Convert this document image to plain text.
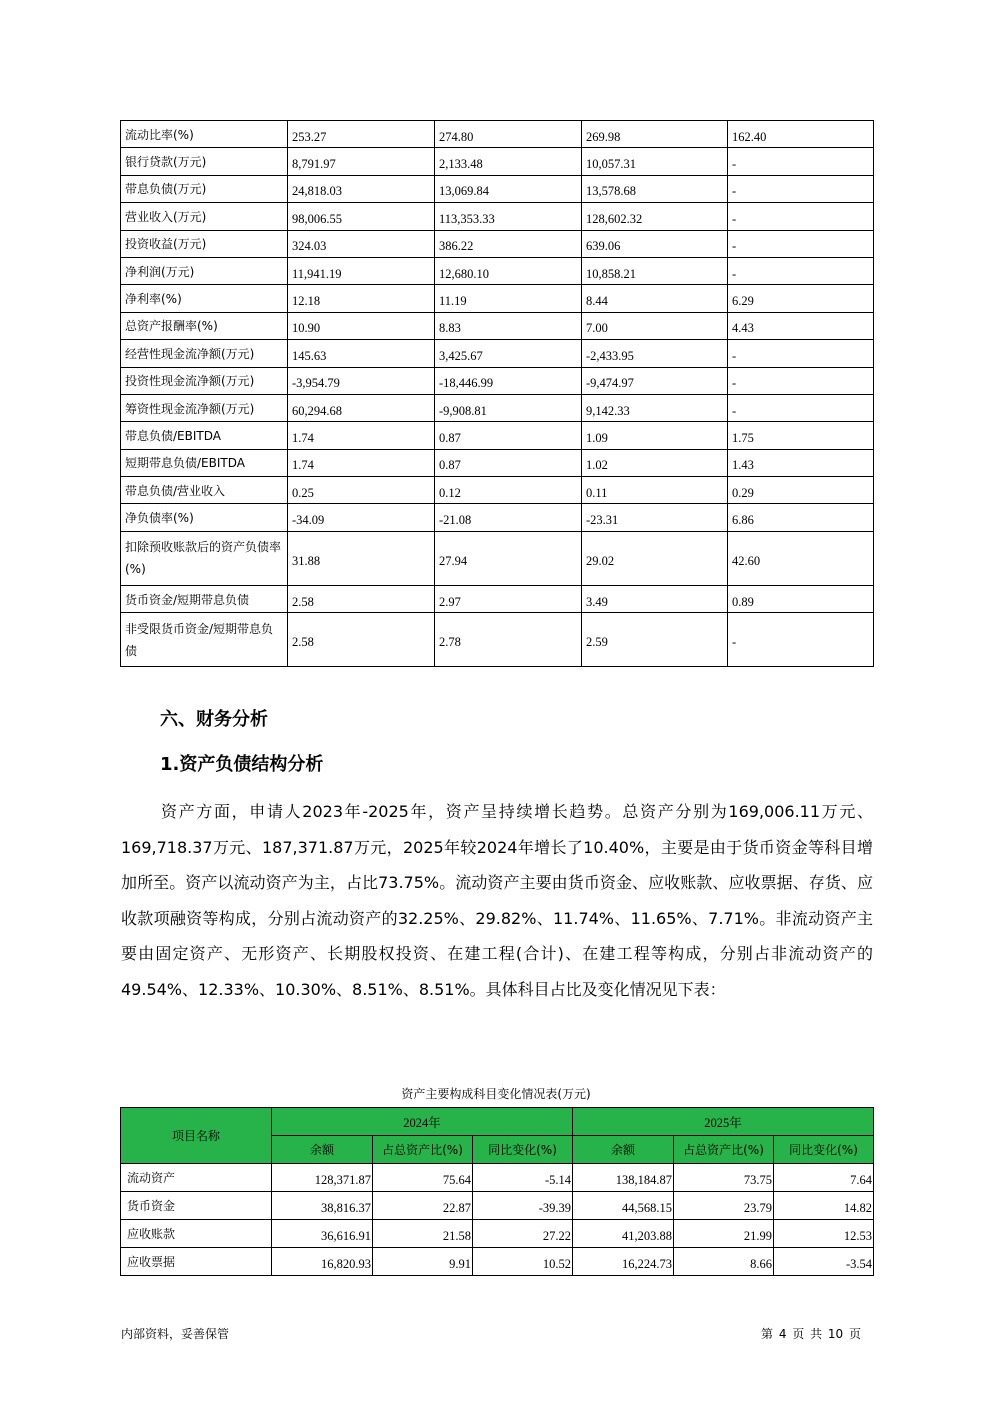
流动比率(%)	253.27	274.80	269.98	162.40
银行贷款(万元)	8,791.97	2,133.48	10,057.31	-
带息负债(万元)	24,818.03	13,069.84	13,578.68	-
营业收入(万元)	98,006.55	113,353.33	128,602.32	-
投资收益(万元)	324.03	386.22	639.06	-
净利润(万元)	11,941.19	12,680.10	10,858.21	-
净利率(%)	12.18	11.19	8.44	6.29
总资产报酬率(%)	10.90	8.83	7.00	4.43
经营性现金流净额(万元)	145.63	3,425.67	-2,433.95	-
投资性现金流净额(万元)	-3,954.79	-18,446.99	-9,474.97	-
筹资性现金流净额(万元)	60,294.68	-9,908.81	9,142.33	-
带息负债/EBITDA	1.74	0.87	1.09	1.75
短期带息负债/EBITDA	1.74	0.87	1.02	1.43
带息负债/营业收入	0.25	0.12	0.11	0.29
净负债率(%)	-34.09	-21.08	-23.31	6.86
扣除预收账款后的资产负债率(%)	31.88	27.94	29.02	42.60
货币资金/短期带息负债	2.58	2.97	3.49	0.89
非受限货币资金/短期带息负债	2.58	2.78	2.59	-
六、财务分析
1.资产负债结构分析

资产方面，申请人2023年-2025年，资产呈持续增长趋势。总资产分别为169,006.11万元、169,718.37万元、187,371.87万元，2025年较2024年增长了10.40%，主要是由于货币资金等科目增加所至。资产以流动资产为主，占比73.75%。流动资产主要由货币资金、应收账款、应收票据、存货、应收款项融资等构成，分别占流动资产的32.25%、29.82%、11.74%、11.65%、7.71%。非流动资产主要由固定资产、无形资产、长期股权投资、在建工程(合计)、在建工程等构成，分别占非流动资产的49.54%、12.33%、10.30%、8.51%、8.51%。具体科目占比及变化情况见下表：

资产主要构成科目变化情况表(万元)
项目名称	2024年			2025年		
	余额	占总资产比(%)	同比变化(%)	余额	占总资产比(%)	同比变化(%)
流动资产	128,371.87	75.64	-5.14	138,184.87	73.75	7.64
货币资金	38,816.37	22.87	-39.39	44,568.15	23.79	14.82
应收账款	36,616.91	21.58	27.22	41,203.88	21.99	12.53
应收票据	16,820.93	9.91	10.52	16,224.73	8.66	-3.54
内部资料，妥善保管	第 4 页 共 10 页
